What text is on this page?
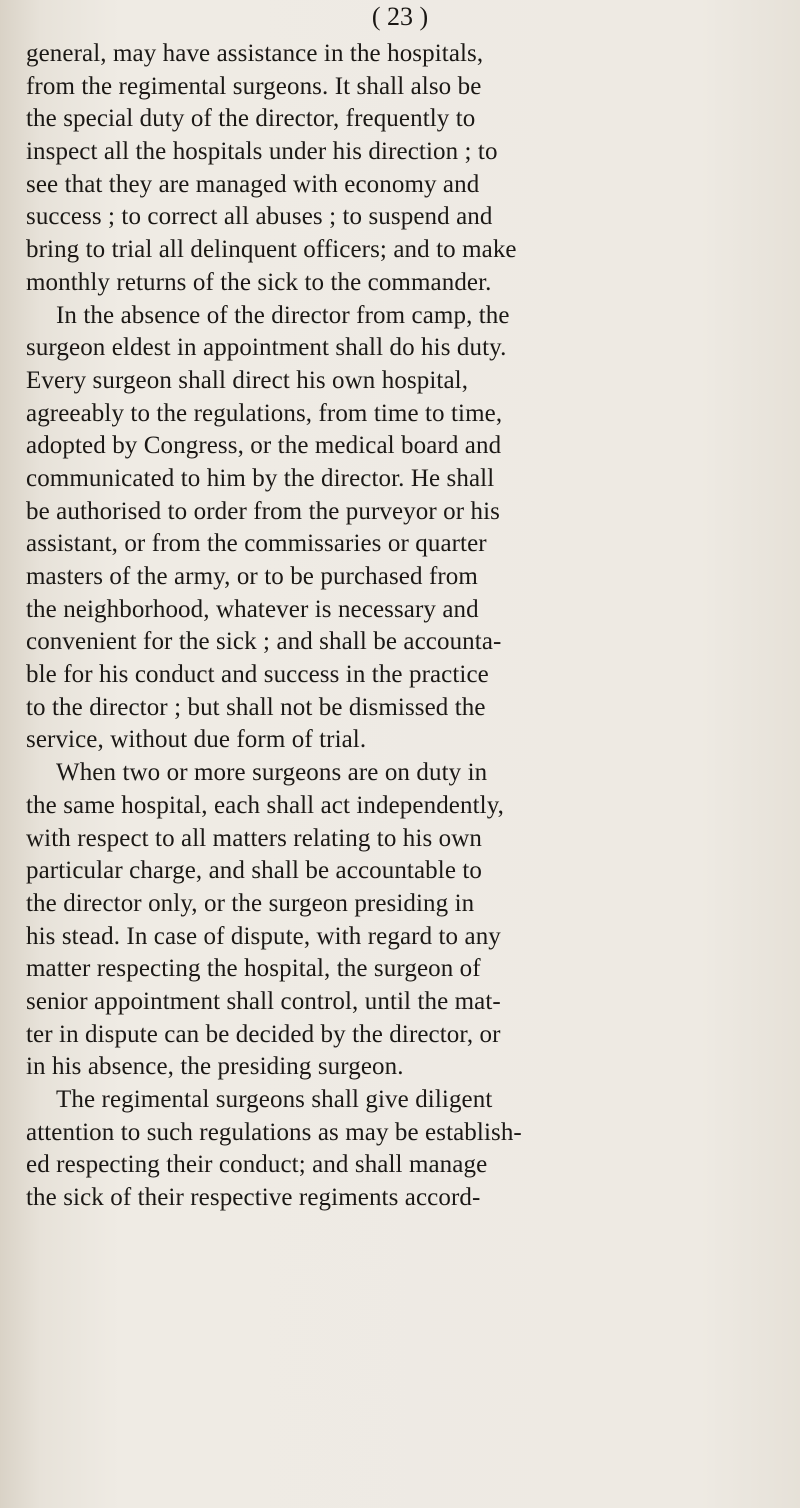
( 23 )
general, may have assistance in the hospitals,
from the regimental surgeons. It shall also be
the special duty of the director, frequently to
inspect all the hospitals under his direction ; to
see that they are managed with economy and
success ; to correct all abuses ; to suspend and
bring to trial all delinquent officers; and to make
monthly returns of the sick to the commander.
In the absence of the director from camp, the
surgeon eldest in appointment shall do his duty.
Every surgeon shall direct his own hospital,
agreeably to the regulations, from time to time,
adopted by Congress, or the medical board and
communicated to him by the director. He shall
be authorised to order from the purveyor or his
assistant, or from the commissaries or quarter
masters of the army, or to be purchased from
the neighborhood, whatever is necessary and
convenient for the sick ; and shall be accounta-
ble for his conduct and success in the practice
to the director ; but shall not be dismissed the
service, without due form of trial.
When two or more surgeons are on duty in
the same hospital, each shall act independently,
with respect to all matters relating to his own
particular charge, and shall be accountable to
the director only, or the surgeon presiding in
his stead. In case of dispute, with regard to any
matter respecting the hospital, the surgeon of
senior appointment shall control, until the mat-
ter in dispute can be decided by the director, or
in his absence, the presiding surgeon.
The regimental surgeons shall give diligent
attention to such regulations as may be establish-
ed respecting their conduct; and shall manage
the sick of their respective regiments accord-
